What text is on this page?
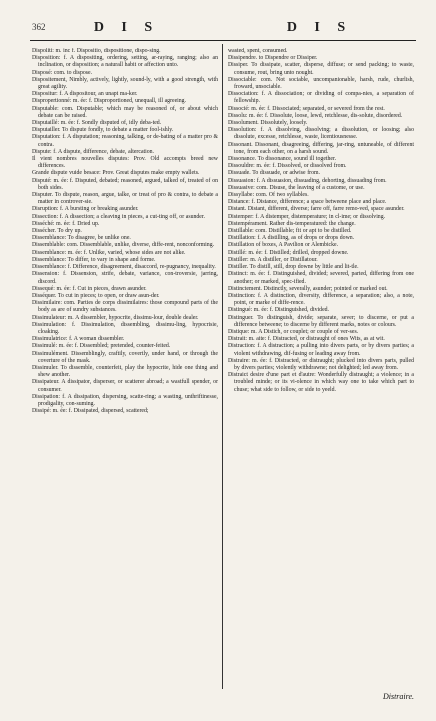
362	D I S	D I S

Dispoliti: m. inc f. Dispositio, dispositione, dispo-sing.

Disposition: f. A dispositing, ordering, setting, ar-raying, ranging; also an inclination, or disposition; a naturall habit or affection unto.

Disposé: com. to dispose.

Dispositement, Nimbly, actively, lightly, sound-ly, with a good strength, with great agility.

Dispositur: f. A dispositour, an unapt ma-ker.

Dispropertionné: m. ée: f. Disproportioned, unequall, ill agreeing.

Disputable: com. Disputable; which may be reasoned of, or about which debate can be raised.

Disputaillé: m. ée: f. Sondly disputed of, idly deba-ted.

Disputailler. To dispute fondly, to debate a matter fool-ishly.

Disputation: f. A disputation; reasoning, talking, or de-bating of a matter pro & contra.

Dispute: f. A dispute, difference, debate, altercation.

Il vient nombres nouvelles disputes: Prov. Old accompts breed new differences.

Grande dispute vuide besace: Prov. Great disputes make empty wallets.

Disputé: m. ée: f. Disputed, debated; reasoned, argued, talked of, treated of on both sides.

Disputer. To dispute, reason, argue, talke, or treat of pro & contra, to debate a matter in controver-sie.

Disruption: f. A bursting or breaking asunder.

Dissection: f. A dissection; a cleaving in pieces, a cut-ting off, or asunder.

Disséché: m. ée: f. Dried up.

Dissécher. To dry up.

Dissemblance: To disagree, be unlike one.

Dissemblable: com. Dissemblable, unlike, diverse, diffe-rent, nonconforming.

Dissemblance: m. ée: f. Unlike, varied, whose sides are not alike.

Dissemblance: To differ, to vary in shape and forme.

Dissemblance: f. Difference, disagreement, disaccord, re-pugnancy, inequality.

Dissension: f. Dissension, strife, debate, variance, con-troversie, jarring, discord.

Dissequé: m. ée: f. Cut in pieces, drawn asunder.

Disséquer. To cut in pieces; to open, or draw asun-der.

Dissimilaire: com. Parties de corps dissimilaires: those compound parts of the body as are of sundry substances.

Dissimulateur: m. A dissembler, hypocrite, dissimu-lour, double dealer.

Dissimulation: f. Dissimulation, dissembling, dissimu-ling, hypocrisie, cloaking.

Dissimulatrice: f. A woman dissembler.

Dissimulé: m. ée: f. Dissembled; pretended, counter-feited.

Dissimulément. Dissemblingly, craftily, covertly, under hand, or through the coverture of the mask.

Dissimuler. To dissemble, counterfeit, play the hypocrite, hide one thing and shew another.

Dissipateur. A dissipator, disperser, or scatterer abroad; a wastfull spender, or consumer.

Dissipation: f. A dissipation, dispersing, scatte-ring; a wasting, unthriftinesse, prodigality, con-suming.

Dissipé: m. ée: f. Dissipated, dispersed, scattered;

wasted, spent, consumed.

Dissipendre. to Dispendre or Dissiper.

Dissiper. To dissipate, scatter, disperse, diffuse; or send packing; to waste, consume, rout, bring unto nought.

Dissociable: com. Not sociable, uncompanionable, harsh, rude, churlish, froward, unsociable.

Dissociation: f. A dissociation; or dividing of compa-nies, a separation of fellowship.

Dissocié: m. ée: f. Dissociated; separated, or severed from the rest.

Dissolu: m. ée: f. Dissolute, loose, lewd, retchlesse, dis-solute, disordered.

Dissolument. Dissolutely, loosely.

Dissolution: f. A dissolving, dissolving; a dissolution, or loosing; also dissolute, excesse, retchlesse, waste, licentiousnesse.

Dissonant. Dissonant, disagreeing, differing, jar-ring, untuneable, of different tone, from each other, on a harsh sound.

Dissonance. To dissonance, sound ill together.

Dissouldre: m. ée: f. Dissolved, or dissolved from.

Dissuade. To dissuade, or adwise from.

Dissuasion: f. A dissuasion, dissuading, dehorting, dissuading from.

Dissuasive: com. Disuse, the leaving of a custome, or use.

Dissyllabe: com. Of two syllables.

Distance: f. Distance, difference; a space betweene place and place.

Distant. Distant, different, diverse; farre off, farre remo-ved, space asunder.

Distemper: f. A distemper, distemperature; in cl-ime; or dissolving.

Distempérament. Rather dis-temperatured: the change.

Distillable: com. Distillable; fit or apt to be distilled.

Distillation: f. A distilling, as of drops or drops down.

Distillation of boxes, A Pavilion or Alembicke.

Distillé: m. ée: f. Distilled; drilled, dropped downe.

Distiller: m. A distiller, or Distillatour.

Distiller. To distill, still, drop downe by little and lit-tle.

Distinct: m. ée: f. Distinguished, divided; severed, parted, differing from one another; or marked, spec-ified.

Distinctement. Distinctly, severally, asunder; pointed or marked out.

Distinction: f. A distinction, diversity, difference, a separation; also, a note, point, or marke of diffe-rence.

Distingué: m. ée: f. Distinguished, divided.

Distinguer. To distinguish, divide; separate, sever; to discerne, or put a difference betweene; to discerne by different marks, notes or colours.

Distique: m. A Distich, or couplet; or couple of ver-ses.

Distrait: m. aite: f. Distracted, or distraught of ones Wits, as at wit.

Distraction: f. A distraction; a pulling into divers parts, or by divers parties; a violent withdrawing, dif-fusing or leading away from.

Distraire: m. ée: f. Distracted, or distraught; plucked into divers parts, pulled by divers parties; violently withdrawne; not delighted; led away from.

Distraict desire d'une part et d'autre: Wonderfully distraught; a violence; in a troubled minde; or its vi-olence in which way one to take which part to chuse; what side to follow, or side to yeeld.

Distraire.
